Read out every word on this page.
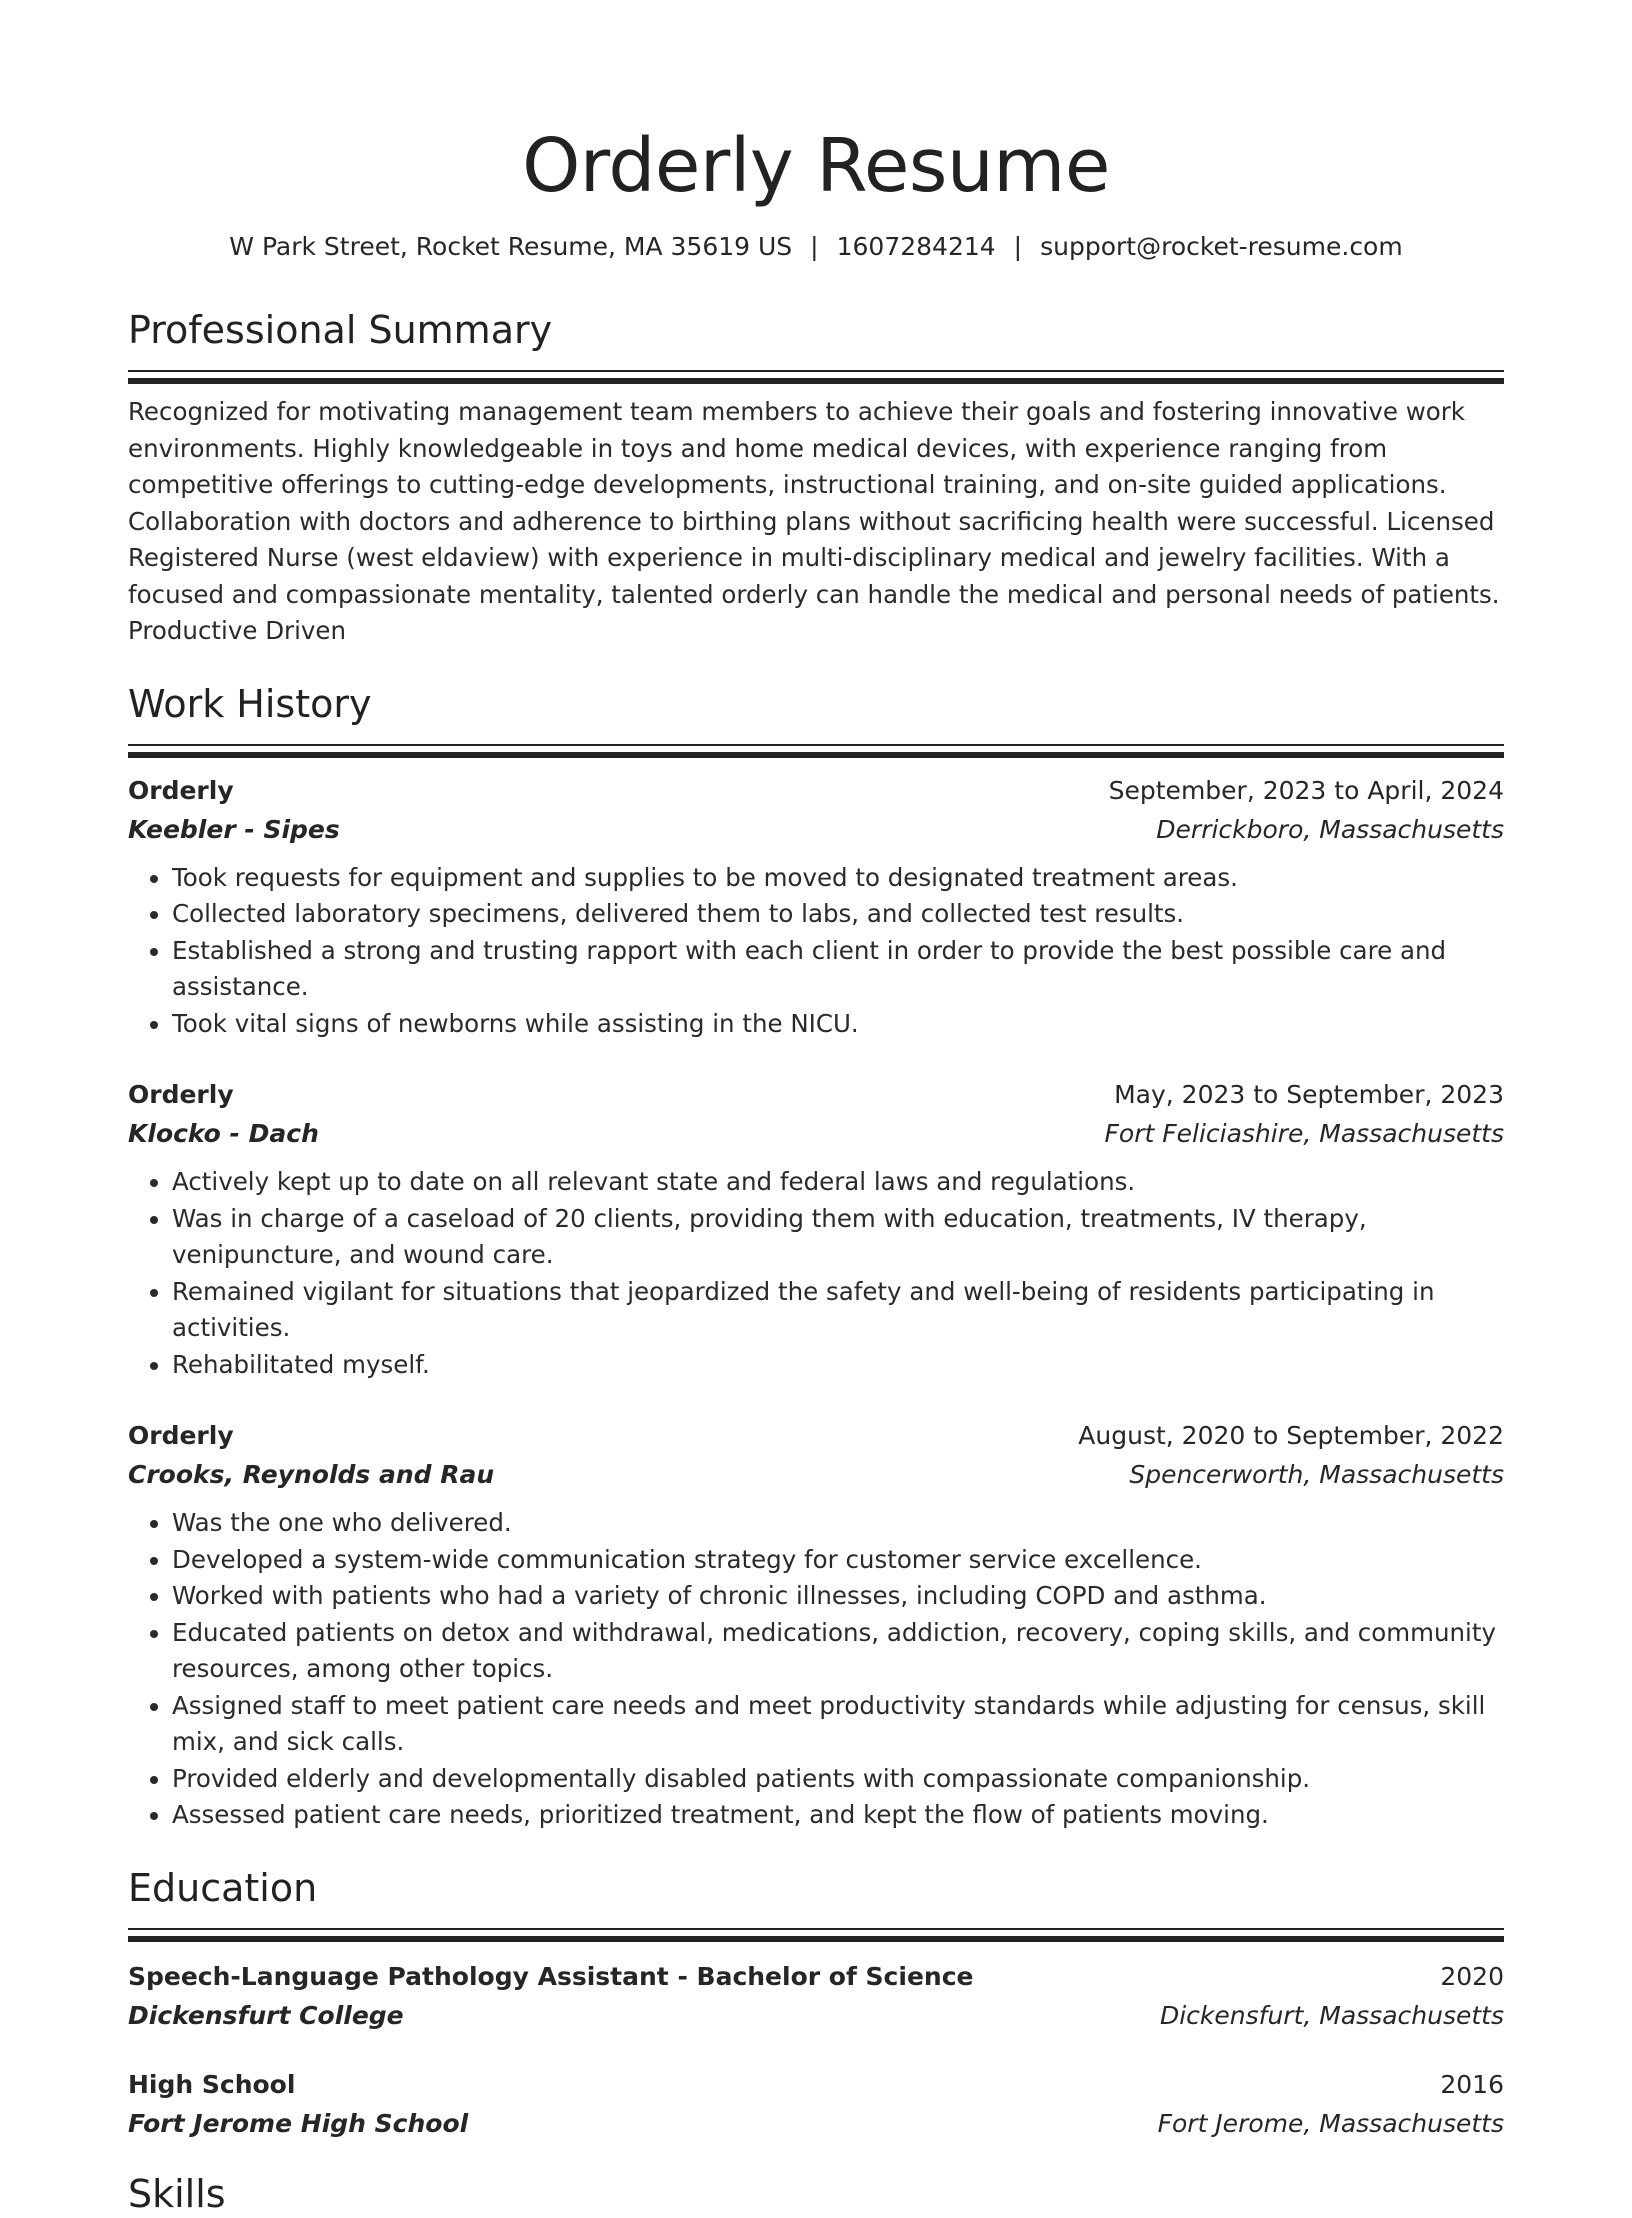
Orderly Resume
W Park Street, Rocket Resume, MA 35619 US | 1607284214 | support@rocket-resume.com
Professional Summary
Recognized for motivating management team members to achieve their goals and fostering innovative work environments. Highly knowledgeable in toys and home medical devices, with experience ranging from competitive offerings to cutting-edge developments, instructional training, and on-site guided applications. Collaboration with doctors and adherence to birthing plans without sacrificing health were successful. Licensed Registered Nurse (west eldaview) with experience in multi-disciplinary medical and jewelry facilities. With a focused and compassionate mentality, talented orderly can handle the medical and personal needs of patients. Productive Driven
Work History
Orderly	September, 2023 to April, 2024
Keebler - Sipes	Derrickboro, Massachusetts
• Took requests for equipment and supplies to be moved to designated treatment areas.
• Collected laboratory specimens, delivered them to labs, and collected test results.
• Established a strong and trusting rapport with each client in order to provide the best possible care and assistance.
• Took vital signs of newborns while assisting in the NICU.
Orderly	May, 2023 to September, 2023
Klocko - Dach	Fort Feliciashire, Massachusetts
• Actively kept up to date on all relevant state and federal laws and regulations.
• Was in charge of a caseload of 20 clients, providing them with education, treatments, IV therapy, venipuncture, and wound care.
• Remained vigilant for situations that jeopardized the safety and well-being of residents participating in activities.
• Rehabilitated myself.
Orderly	August, 2020 to September, 2022
Crooks, Reynolds and Rau	Spencerworth, Massachusetts
• Was the one who delivered.
• Developed a system-wide communication strategy for customer service excellence.
• Worked with patients who had a variety of chronic illnesses, including COPD and asthma.
• Educated patients on detox and withdrawal, medications, addiction, recovery, coping skills, and community resources, among other topics.
• Assigned staff to meet patient care needs and meet productivity standards while adjusting for census, skill mix, and sick calls.
• Provided elderly and developmentally disabled patients with compassionate companionship.
• Assessed patient care needs, prioritized treatment, and kept the flow of patients moving.
Education
Speech-Language Pathology Assistant - Bachelor of Science	2020
Dickensfurt College	Dickensfurt, Massachusetts
High School	2016
Fort Jerome High School	Fort Jerome, Massachusetts
Skills
